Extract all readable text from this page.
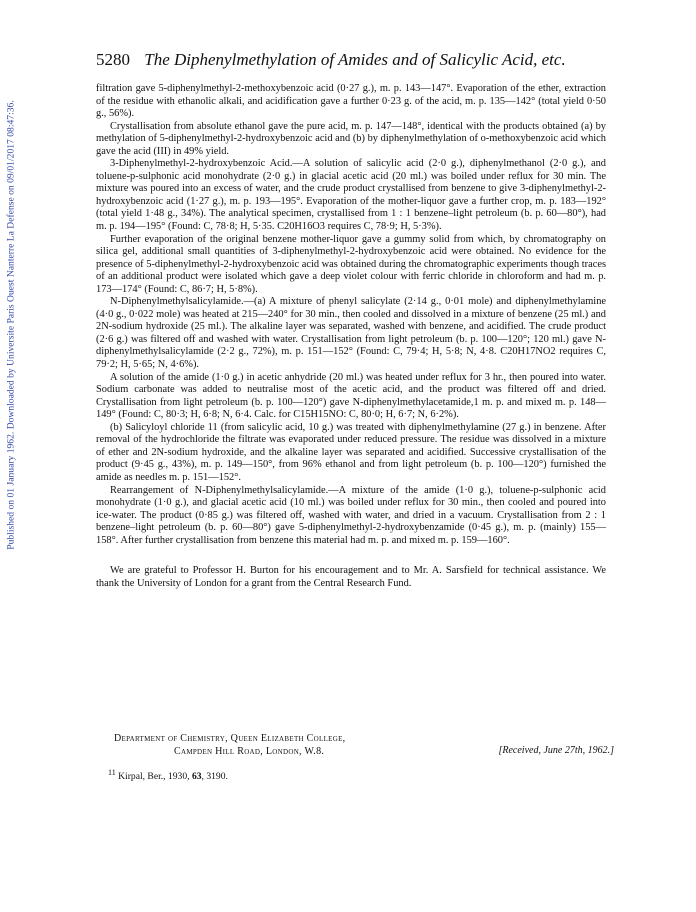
Published on 01 January 1962. Downloaded by Universite Paris Ouest Nanterre La Defense on 09/01/2017 08:47:36.
5280 The Diphenylmethylation of Amides and of Salicylic Acid, etc.

filtration gave 5-diphenylmethyl-2-methoxybenzoic acid (0·27 g.), m. p. 143—147°. Evaporation of the ether, extraction of the residue with ethanolic alkali, and acidification gave a further 0·23 g. of the acid, m. p. 135—142° (total yield 0·50 g., 56%).

Crystallisation from absolute ethanol gave the pure acid, m. p. 147—148°, identical with the products obtained (a) by methylation of 5-diphenylmethyl-2-hydroxybenzoic acid and (b) by diphenylmethylation of o-methoxybenzoic acid which gave the acid (III) in 49% yield.

3-Diphenylmethyl-2-hydroxybenzoic Acid.—A solution of salicylic acid (2·0 g.), diphenylmethanol (2·0 g.), and toluene-p-sulphonic acid monohydrate (2·0 g.) in glacial acetic acid (20 ml.) was boiled under reflux for 30 min. The mixture was poured into an excess of water, and the crude product crystallised from benzene to give 3-diphenylmethyl-2-hydroxybenzoic acid (1·27 g.), m. p. 193—195°. Evaporation of the mother-liquor gave a further crop, m. p. 183—192° (total yield 1·48 g., 34%). The analytical specimen, crystallised from 1 : 1 benzene–light petroleum (b. p. 60—80°), had m. p. 194—195° (Found: C, 78·8; H, 5·35. C20H16O3 requires C, 78·9; H, 5·3%).

Further evaporation of the original benzene mother-liquor gave a gummy solid from which, by chromatography on silica gel, additional small quantities of 3-diphenylmethyl-2-hydroxybenzoic acid were obtained. No evidence for the presence of 5-diphenylmethyl-2-hydroxybenzoic acid was obtained during the chromatographic experiments though traces of an additional product were isolated which gave a deep violet colour with ferric chloride in chloroform and had m. p. 173—174° (Found: C, 86·7; H, 5·8%).

N-Diphenylmethylsalicylamide.—(a) A mixture of phenyl salicylate (2·14 g., 0·01 mole) and diphenylmethylamine (4·0 g., 0·022 mole) was heated at 215—240° for 30 min., then cooled and dissolved in a mixture of benzene (25 ml.) and 2N-sodium hydroxide (25 ml.). The alkaline layer was separated, washed with benzene, and acidified. The crude product (2·6 g.) was filtered off and washed with water. Crystallisation from light petroleum (b. p. 100—120°; 120 ml.) gave N-diphenylmethylsalicylamide (2·2 g., 72%), m. p. 151—152° (Found: C, 79·4; H, 5·8; N, 4·8. C20H17NO2 requires C, 79·2; H, 5·65; N, 4·6%).

A solution of the amide (1·0 g.) in acetic anhydride (20 ml.) was heated under reflux for 3 hr., then poured into water. Sodium carbonate was added to neutralise most of the acetic acid, and the product was filtered off and dried. Crystallisation from light petroleum (b. p. 100—120°) gave N-diphenylmethylacetamide,1 m. p. and mixed m. p. 148—149° (Found: C, 80·3; H, 6·8; N, 6·4. Calc. for C15H15NO: C, 80·0; H, 6·7; N, 6·2%).

(b) Salicyloyl chloride 11 (from salicylic acid, 10 g.) was treated with diphenylmethylamine (27 g.) in benzene. After removal of the hydrochloride the filtrate was evaporated under reduced pressure. The residue was dissolved in a mixture of ether and 2N-sodium hydroxide, and the alkaline layer was separated and acidified. Successive crystallisation of the product (9·45 g., 43%), m. p. 149—150°, from 96% ethanol and from light petroleum (b. p. 100—120°) furnished the amide as needles m. p. 151—152°.

Rearrangement of N-Diphenylmethylsalicylamide.—A mixture of the amide (1·0 g.), toluene-p-sulphonic acid monohydrate (1·0 g.), and glacial acetic acid (10 ml.) was boiled under reflux for 30 min., then cooled and poured into ice-water. The product (0·85 g.) was filtered off, washed with water, and dried in a vacuum. Crystallisation from 2 : 1 benzene–light petroleum (b. p. 60—80°) gave 5-diphenylmethyl-2-hydroxybenzamide (0·45 g.), m. p. (mainly) 155—158°. After further crystallisation from benzene this material had m. p. and mixed m. p. 159—160°.

We are grateful to Professor H. Burton for his encouragement and to Mr. A. Sarsfield for technical assistance. We thank the University of London for a grant from the Central Research Fund.

Department of Chemistry, Queen Elizabeth College,
Campden Hill Road, London, W.8.	[Received, June 27th, 1962.]
$^{11}$ Kirpal, Ber., 1930, 63, 3190.
